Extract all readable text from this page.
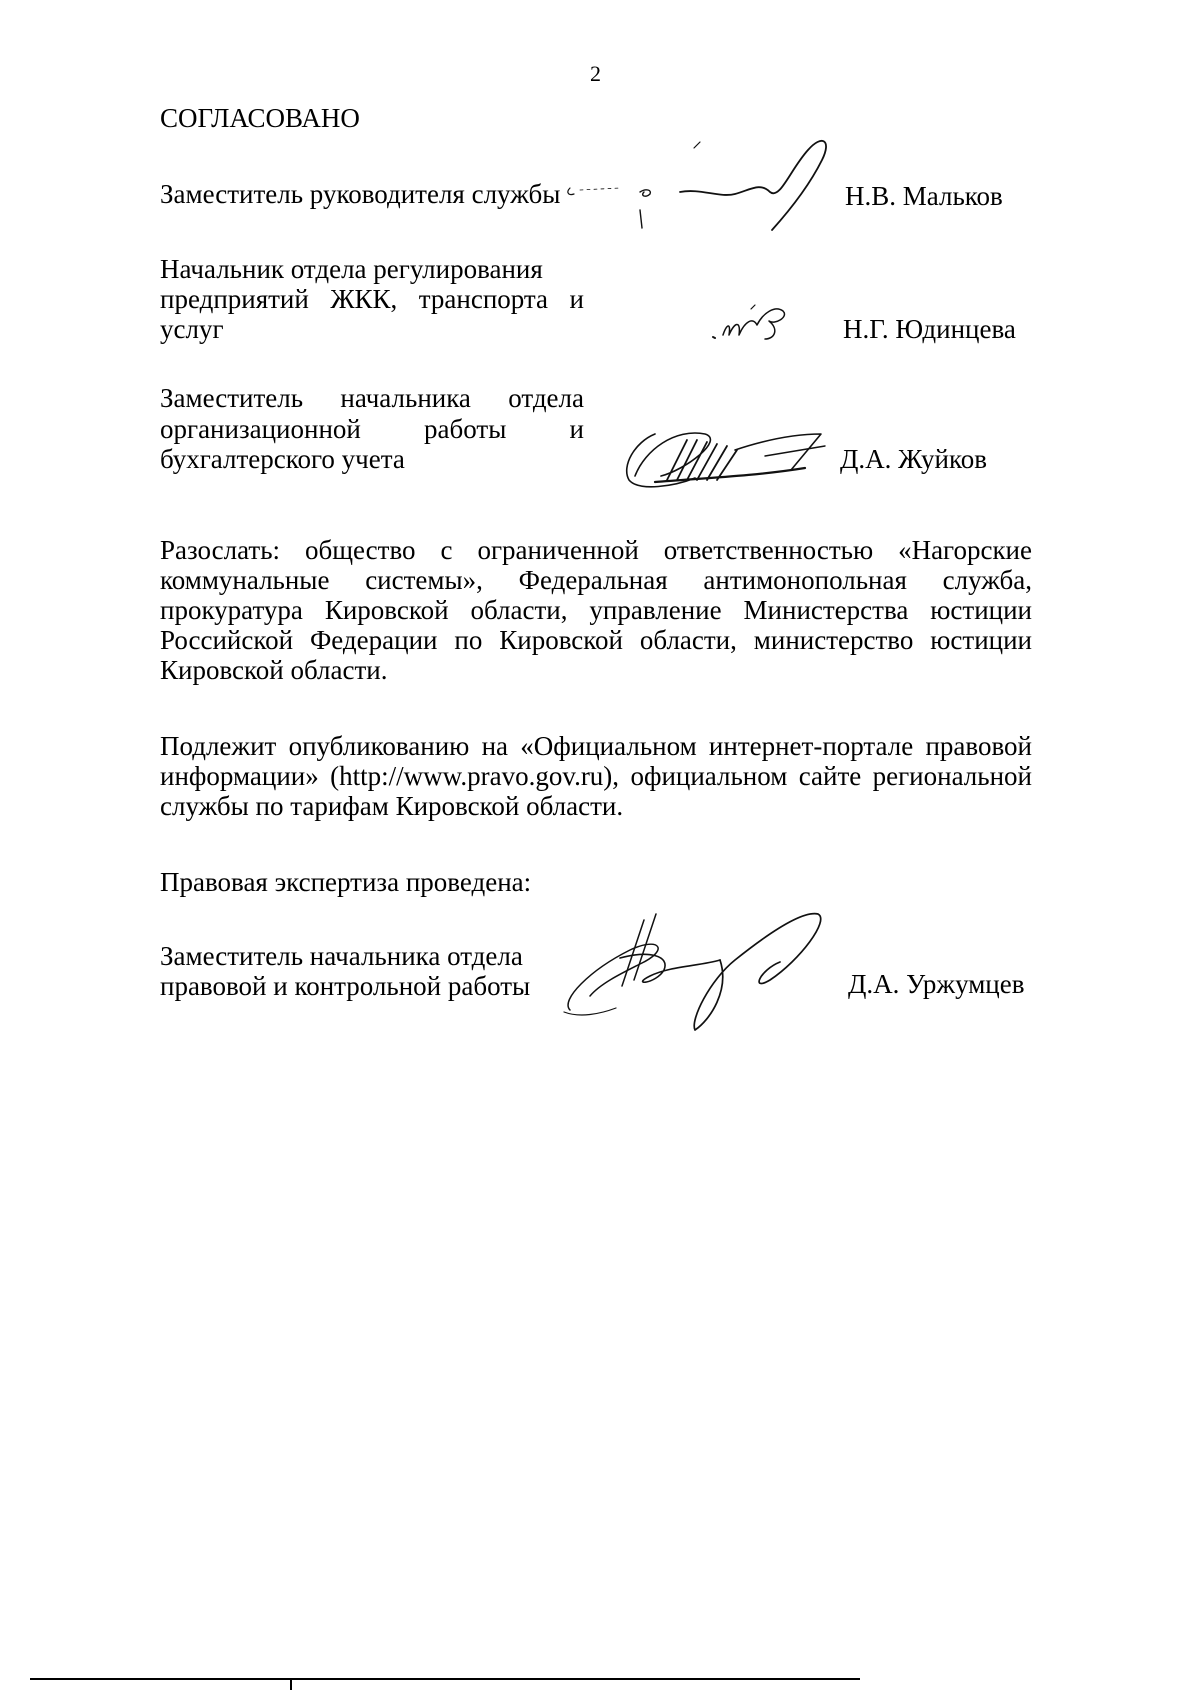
2
СОГЛАСОВАНО
Заместитель руководителя службы	Н.В. Мальков
Начальник отдела регулирования
предприятий ЖКК, транспорта и
услуг	Н.Г. Юдинцева
Заместитель начальника отдела
организационной работы и
бухгалтерского учета	Д.А. Жуйков
Разослать: общество с ограниченной ответственностью «Нагорские
коммунальные системы», Федеральная антимонопольная служба,
прокуратура Кировской области, управление Министерства юстиции
Российской Федерации по Кировской области, министерство юстиции
Кировской области.
Подлежит опубликованию на «Официальном интернет-портале правовой
информации» (http://www.pravo.gov.ru), официальном сайте региональной
службы по тарифам Кировской области.
Правовая экспертиза проведена:
Заместитель начальника отдела
правовой и контрольной работы	Д.А. Уржумцев
